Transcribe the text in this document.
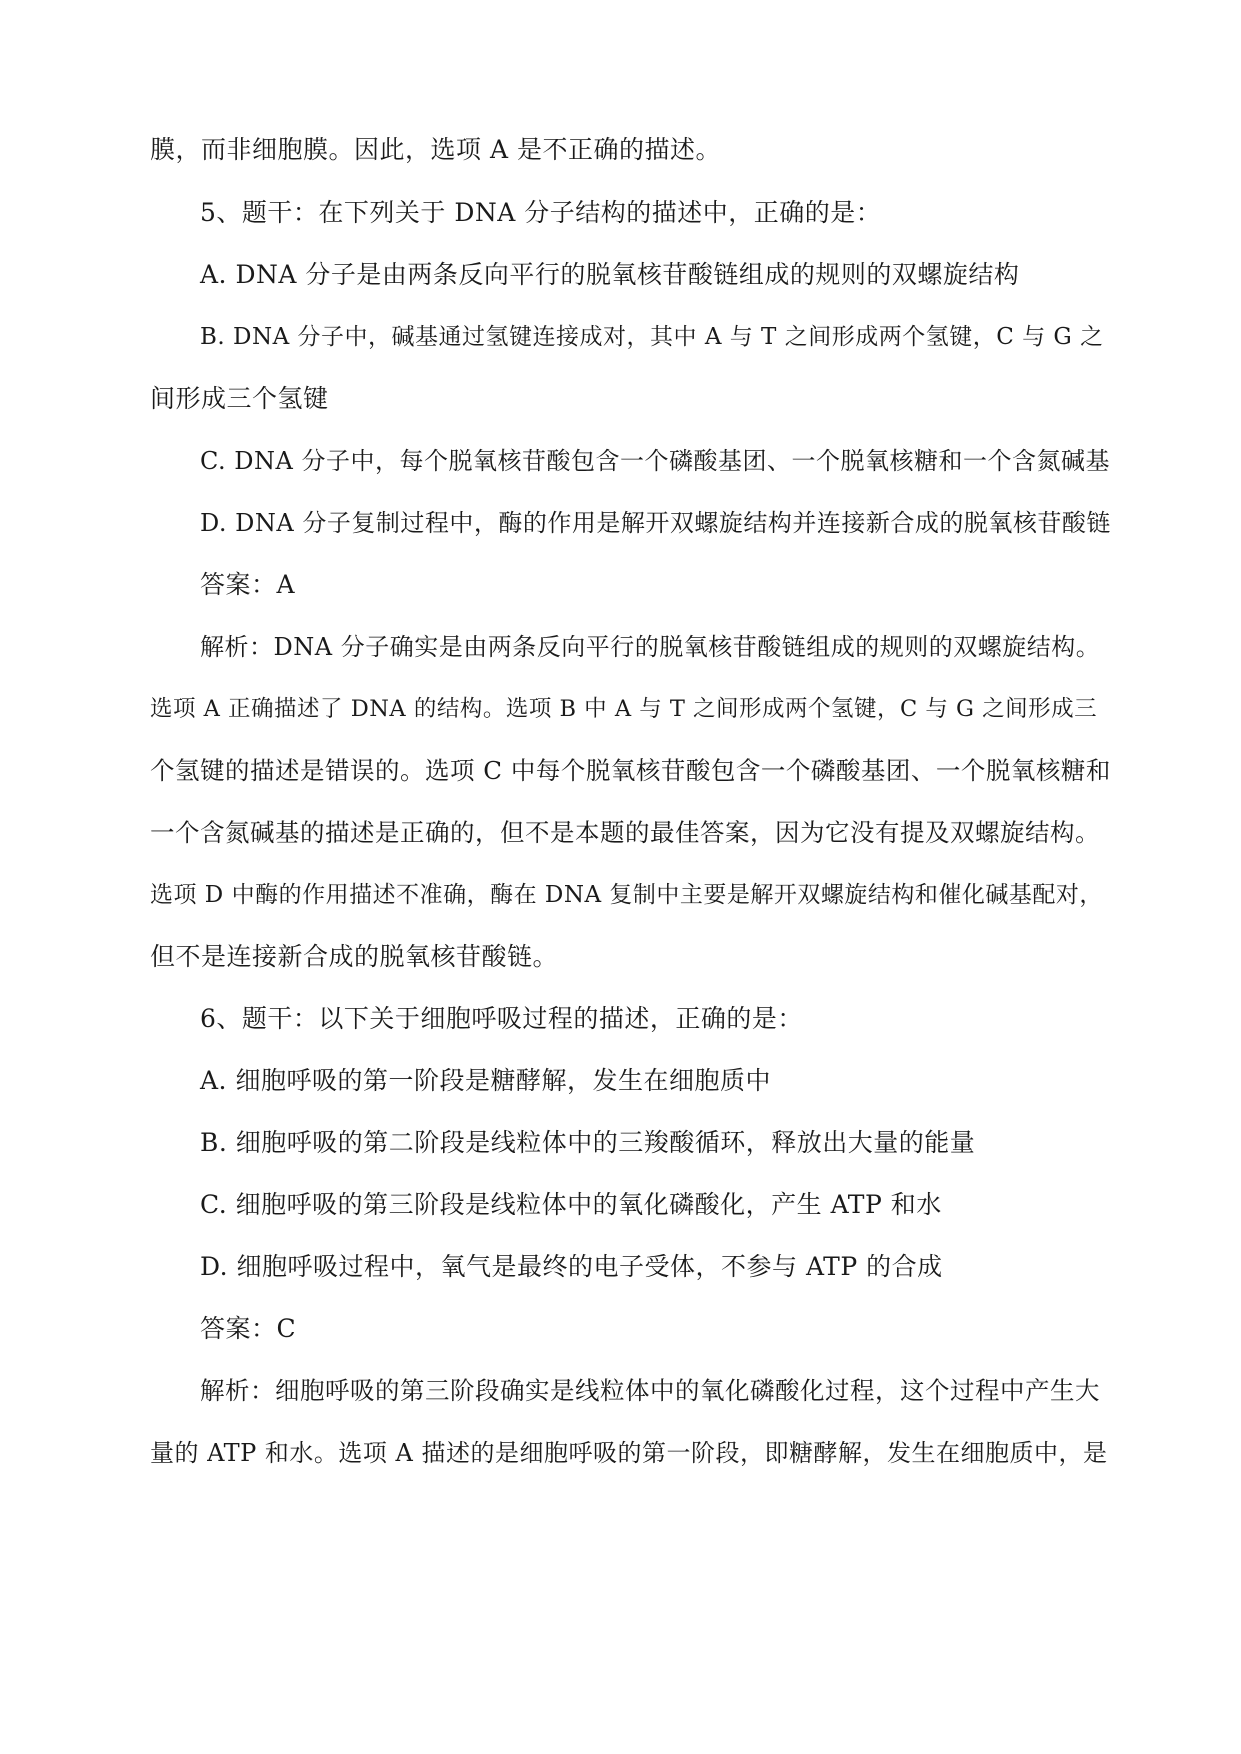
膜，而非细胞膜。因此，选项 A 是不正确的描述。
5、题干：在下列关于 DNA 分子结构的描述中，正确的是：
A. DNA 分子是由两条反向平行的脱氧核苷酸链组成的规则的双螺旋结构
B. DNA 分子中，碱基通过氢键连接成对，其中 A 与 T 之间形成两个氢键，C 与 G 之
间形成三个氢键
C. DNA 分子中，每个脱氧核苷酸包含一个磷酸基团、一个脱氧核糖和一个含氮碱基
D. DNA 分子复制过程中，酶的作用是解开双螺旋结构并连接新合成的脱氧核苷酸链
答案：A
解析：DNA 分子确实是由两条反向平行的脱氧核苷酸链组成的规则的双螺旋结构。
选项 A 正确描述了 DNA 的结构。选项 B 中 A 与 T 之间形成两个氢键，C 与 G 之间形成三
个氢键的描述是错误的。选项 C 中每个脱氧核苷酸包含一个磷酸基团、一个脱氧核糖和
一个含氮碱基的描述是正确的，但不是本题的最佳答案，因为它没有提及双螺旋结构。
选项 D 中酶的作用描述不准确，酶在 DNA 复制中主要是解开双螺旋结构和催化碱基配对，
但不是连接新合成的脱氧核苷酸链。
6、题干：以下关于细胞呼吸过程的描述，正确的是：
A. 细胞呼吸的第一阶段是糖酵解，发生在细胞质中
B. 细胞呼吸的第二阶段是线粒体中的三羧酸循环，释放出大量的能量
C. 细胞呼吸的第三阶段是线粒体中的氧化磷酸化，产生 ATP 和水
D. 细胞呼吸过程中，氧气是最终的电子受体，不参与 ATP 的合成
答案：C
解析：细胞呼吸的第三阶段确实是线粒体中的氧化磷酸化过程，这个过程中产生大
量的 ATP 和水。选项 A 描述的是细胞呼吸的第一阶段，即糖酵解，发生在细胞质中，是
